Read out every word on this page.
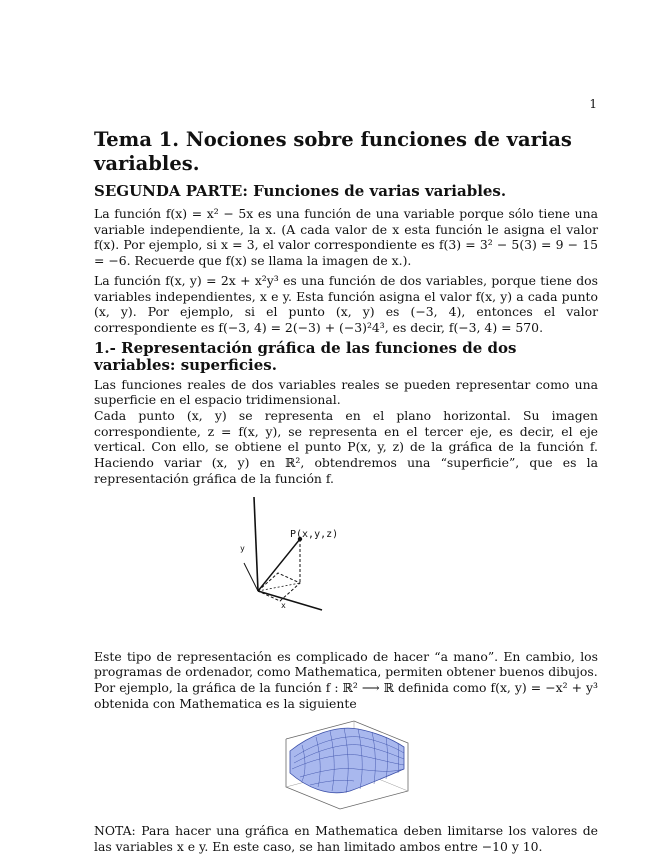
1
Tema 1. Nociones sobre funciones de varias variables.
SEGUNDA PARTE: Funciones de varias variables.

La función f(x) = x² − 5x es una función de una variable porque sólo tiene una variable independiente, la x. (A cada valor de x esta función le asigna el valor f(x). Por ejemplo, si x = 3, el valor correspondiente es f(3) = 3² − 5(3) = 9 − 15 = −6. Recuerde que f(x) se llama la imagen de x.).

La función f(x, y) = 2x + x²y³ es una función de dos variables, porque tiene dos variables independientes, x e y. Esta función asigna el valor f(x, y) a cada punto (x, y). Por ejemplo, si el punto (x, y) es (−3, 4), entonces el valor correspondiente es f(−3, 4) = 2(−3) + (−3)²4³, es decir, f(−3, 4) = 570.

1.- Representación gráfica de las funciones de dos variables: superficies.

Las funciones reales de dos variables reales se pueden representar como una superficie en el espacio tridimensional.

Cada punto (x, y) se representa en el plano horizontal. Su imagen correspondiente, z = f(x, y), se representa en el tercer eje, es decir, el eje vertical. Con ello, se obtiene el punto P(x, y, z) de la gráfica de la función f. Haciendo variar (x, y) en ℝ², obtendremos una “superficie”, que es la representación gráfica de la función f.

P(x,y,z)
y
x

Este tipo de representación es complicado de hacer “a mano”. En cambio, los programas de ordenador, como Mathematica, permiten obtener buenos dibujos.

Por ejemplo, la gráfica de la función f : ℝ² ⟶ ℝ definida como f(x, y) = −x² + y³ obtenida con Mathematica es la siguiente

NOTA: Para hacer una gráfica en Mathematica deben limitarse los valores de las variables x e y. En este caso, se han limitado ambos entre −10 y 10.
